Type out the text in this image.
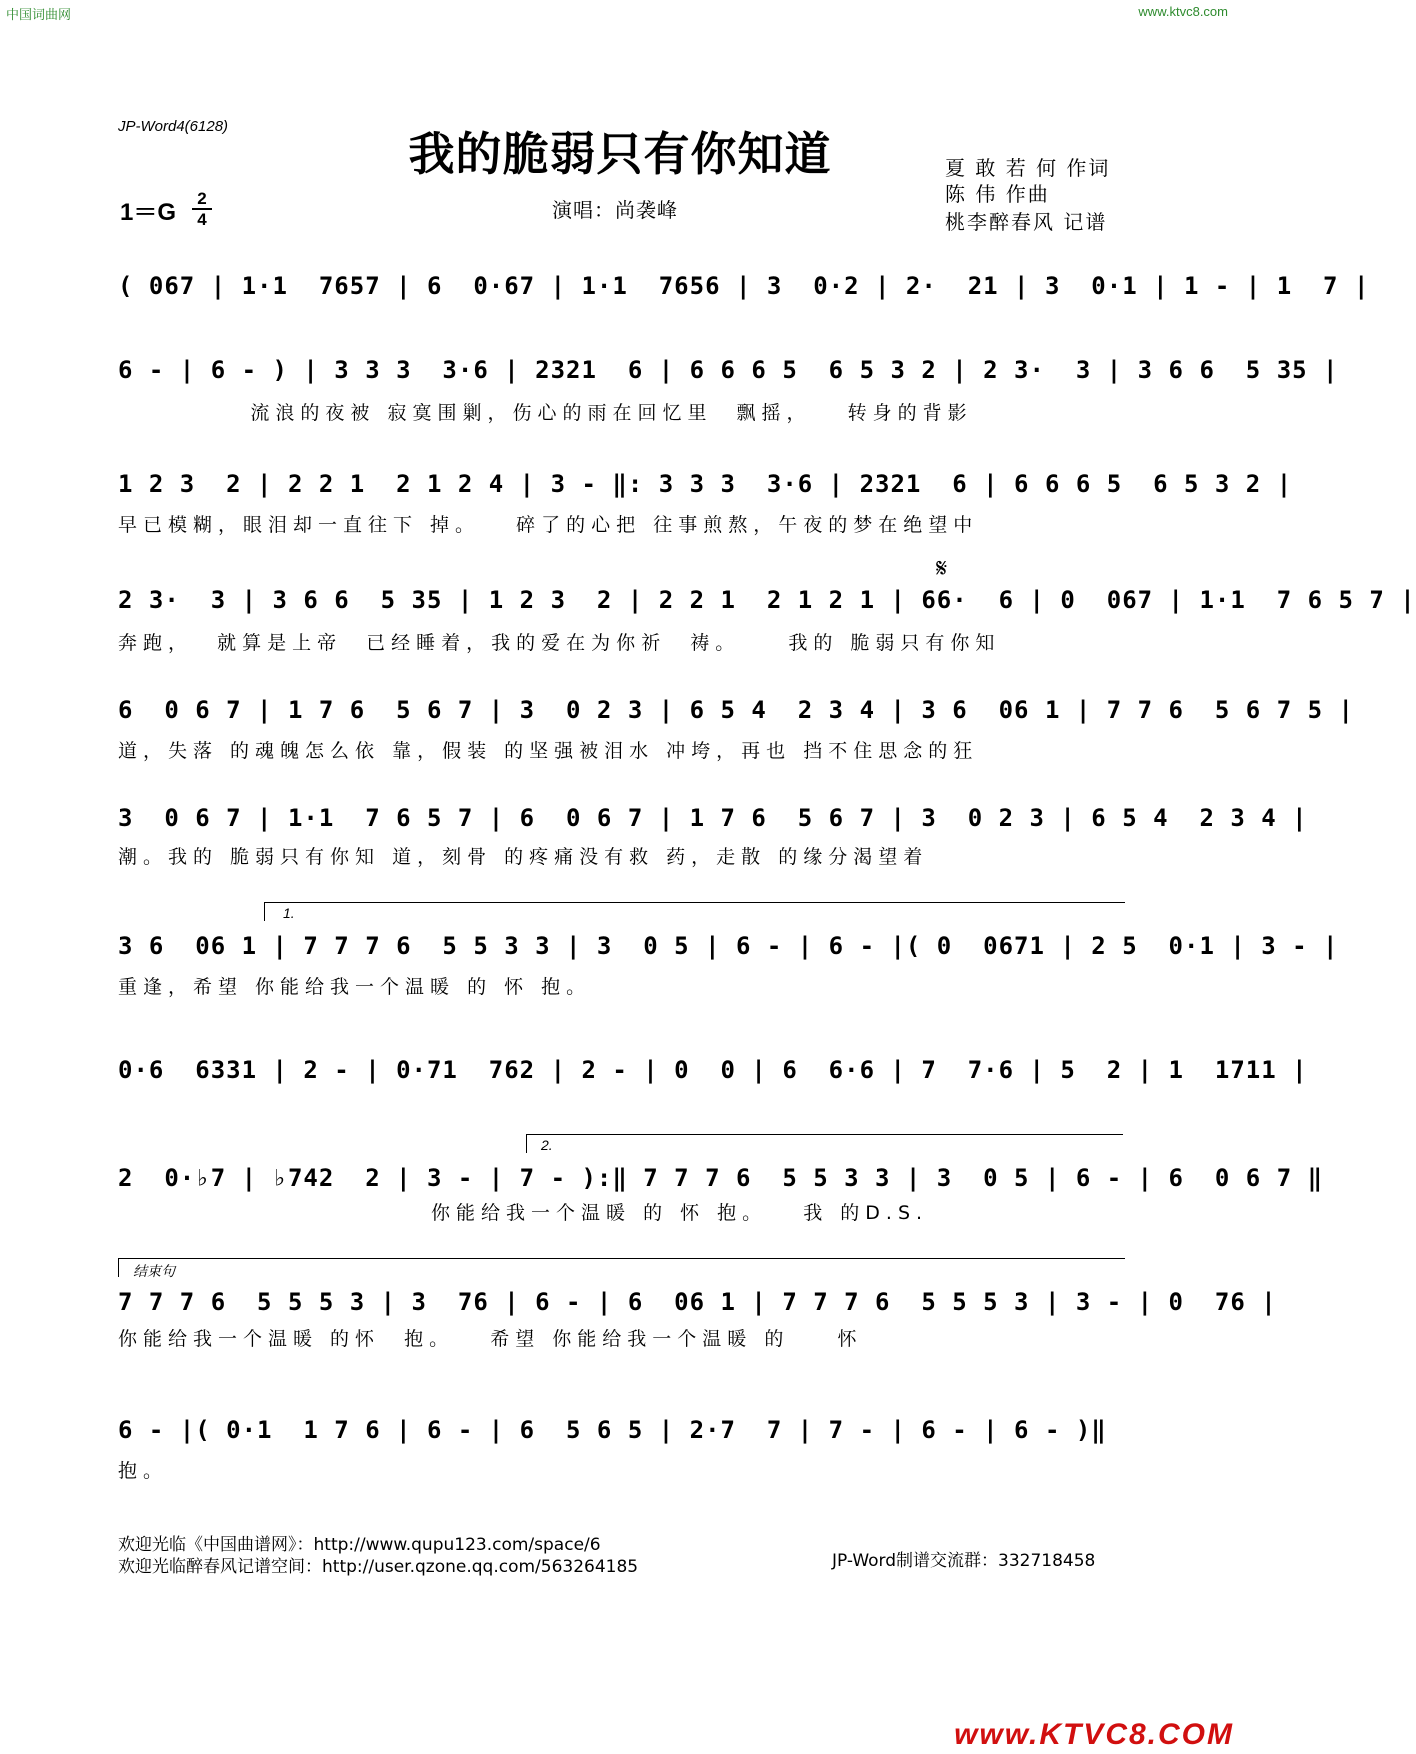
中国词曲网	www.ktvc8.com
JP-Word4(6128)
我的脆弱只有你知道	夏 敢 若 何 作词
陈 伟 作曲
桃李醉春风 记谱
1＝G
2
4	演唱：尚袭峰
( 067 | 1·1  7657 | 6  0·67 | 1·1  7656 | 3  0·2 | 2·  21 | 3  0·1 | 1 - | 1  7 |
6 - | 6 - ) | 3 3 3  3·6 | 2321  6 | 6 6 6 5  6 5 3 2 | 2 3·  3 | 3 6 6  5 35 |
流浪的夜被 寂寞围剿，伤心的雨在回忆里  飘摇，   转身的背影
1 2 3  2 | 2 2 1  2 1 2 4 | 3 - ‖: 3 3 3  3·6 | 2321  6 | 6 6 6 5  6 5 3 2 |
早已模糊，眼泪却一直往下 掉。   碎了的心把 往事煎熬，午夜的梦在绝望中
𝄋
2 3·  3 | 3 6 6  5 35 | 1 2 3  2 | 2 2 1  2 1 2 1 | 66·  6 | 0  067 | 1·1  7 6 5 7 |
奔跑，  就算是上帝  已经睡着，我的爱在为你祈  祷。    我的 脆弱只有你知
6  0 6 7 | 1 7 6  5 6 7 | 3  0 2 3 | 6 5 4  2 3 4 | 3 6  06 1 | 7 7 6  5 6 7 5 |
道，失落 的魂魄怎么依 靠，假装 的坚强被泪水 冲垮，再也 挡不住思念的狂
3  0 6 7 | 1·1  7 6 5 7 | 6  0 6 7 | 1 7 6  5 6 7 | 3  0 2 3 | 6 5 4  2 3 4 |
潮。我的 脆弱只有你知 道，刻骨 的疼痛没有救 药，走散 的缘分渴望着
1.
3 6  06 1 | 7 7 7 6  5 5 3 3 | 3  0 5 | 6 - | 6 - |( 0  0671 | 2 5  0·1 | 3 - |
重逢，希望 你能给我一个温暖 的 怀 抱。
0·6  6331 | 2 - | 0·71  762 | 2 - | 0  0 | 6  6·6 | 7  7·6 | 5  2 | 1  1711 |
2.
2  0·♭7 | ♭742  2 | 3 - | 7 - ):‖ 7 7 7 6  5 5 3 3 | 3  0 5 | 6 - | 6  0 6 7 ‖
你能给我一个温暖 的 怀 抱。   我 的D.S.
结束句
7 7 7 6  5 5 5 3 | 3  76 | 6 - | 6  06 1 | 7 7 7 6  5 5 5 3 | 3 - | 0  76 |
你能给我一个温暖 的怀  抱。   希望 你能给我一个温暖 的    怀
6 - |( 0·1  1 7 6 | 6 - | 6  5 6 5 | 2·7  7 | 7 - | 6 - | 6 - )‖
抱。
欢迎光临《中国曲谱网》：http://www.qupu123.com/space/6
欢迎光临醉春风记谱空间：http://user.qzone.qq.com/563264185	JP-Word制谱交流群：332718458
www.KTVC8.COM
